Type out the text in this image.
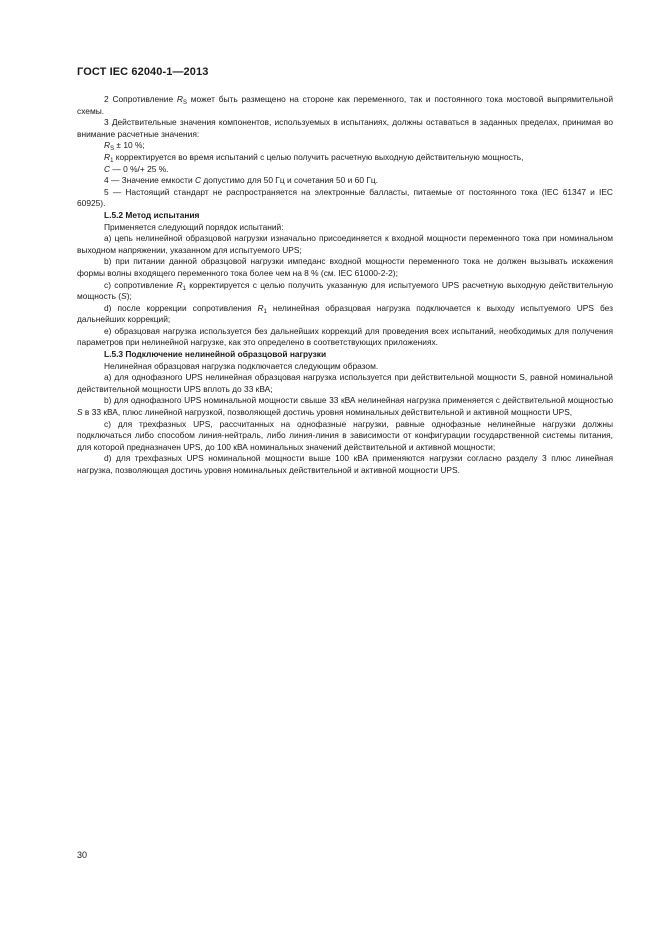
ГОСТ IEC 62040-1—2013

2 Сопротивление $R_S$ может быть размещено на стороне как переменного, так и постоянного тока мостовой выпрямительной схемы.

3 Действительные значения компонентов, используемых в испытаниях, должны оставаться в заданных пределах, принимая во внимание расчетные значения:

$R_S \pm 10$ %;

$R_1$ корректируется во время испытаний с целью получить расчетную выходную действительную мощность,

C — 0 %/+ 25 %.

4 — Значение емкости C допустимо для 50 Гц и сочетания 50 и 60 Гц.

5 — Настоящий стандарт не распространяется на электронные балласты, питаемые от постоянного тока (IEC 61347 и IEC 60925).

L.5.2 Метод испытания

Применяется следующий порядок испытаний:

a) цепь нелинейной образцовой нагрузки изначально присоединяется к входной мощности переменного тока при номинальном выходном напряжении, указанном для испытуемого UPS;

b) при питании данной образцовой нагрузки импеданс входной мощности переменного тока не должен вызывать искажения формы волны входящего переменного тока более чем на 8 % (см. IEC 61000-2-2);

c) сопротивление $R_1$ корректируется с целью получить указанную для испытуемого UPS расчетную выходную действительную мощность (S);

d) после коррекции сопротивления $R_1$ нелинейная образцовая нагрузка подключается к выходу испытуемого UPS без дальнейших коррекций;

e) образцовая нагрузка используется без дальнейших коррекций для проведения всех испытаний, необходимых для получения параметров при нелинейной нагрузке, как это определено в соответствующих приложениях.

L.5.3 Подключение нелинейной образцовой нагрузки

Нелинейная образцовая нагрузка подключается следующим образом.

a) для однофазного UPS нелинейная образцовая нагрузка используется при действительной мощности S, равной номинальной действительной мощности UPS вплоть до 33 кВА;

b) для однофазного UPS номинальной мощности свыше 33 кВА нелинейная нагрузка применяется с действительной мощностью S в 33 кВА, плюс линейной нагрузкой, позволяющей достичь уровня номинальных действительной и активной мощности UPS,

c) для трехфазных UPS, рассчитанных на однофазные нагрузки, равные однофазные нелинейные нагрузки должны подключаться либо способом линия-нейтраль, либо линия-линия в зависимости от конфигурации государственной системы питания, для которой предназначен UPS, до 100 кВА номинальных значений действительной и активной мощности;

d) для трехфазных UPS номинальной мощности выше 100 кВА применяются нагрузки согласно разделу 3 плюс линейная нагрузка, позволяющая достичь уровня номинальных действительной и активной мощности UPS.

30
